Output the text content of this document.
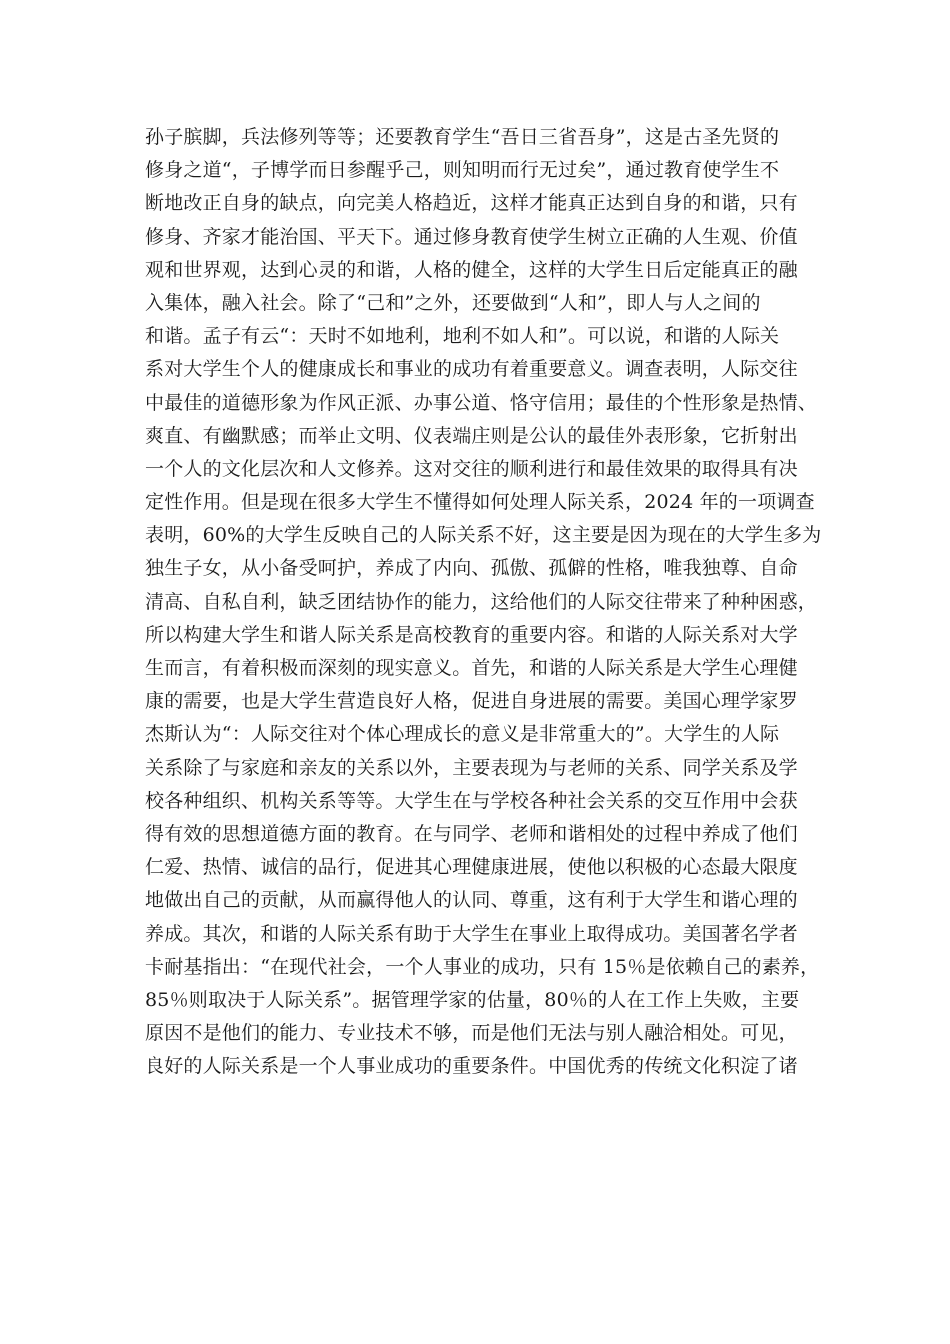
孙子膑脚，兵法修列等等；还要教育学生“吾日三省吾身”，这是古圣先贤的
修身之道“，子博学而日参醒乎己，则知明而行无过矣”，通过教育使学生不
断地改正自身的缺点，向完美人格趋近，这样才能真正达到自身的和谐，只有
修身、齐家才能治国、平天下。通过修身教育使学生树立正确的人生观、价值
观和世界观，达到心灵的和谐，人格的健全，这样的大学生日后定能真正的融
入集体，融入社会。除了“己和”之外，还要做到“人和”，即人与人之间的
和谐。孟子有云“：天时不如地利，地利不如人和”。可以说，和谐的人际关
系对大学生个人的健康成长和事业的成功有着重要意义。调查表明，人际交往
中最佳的道德形象为作风正派、办事公道、恪守信用；最佳的个性形象是热情、
爽直、有幽默感；而举止文明、仪表端庄则是公认的最佳外表形象，它折射出
一个人的文化层次和人文修养。这对交往的顺利进行和最佳效果的取得具有决
定性作用。但是现在很多大学生不懂得如何处理人际关系，2024 年的一项调查
表明，60%的大学生反映自己的人际关系不好，这主要是因为现在的大学生多为
独生子女，从小备受呵护，养成了内向、孤傲、孤僻的性格，唯我独尊、自命
清高、自私自利，缺乏团结协作的能力，这给他们的人际交往带来了种种困惑，
所以构建大学生和谐人际关系是高校教育的重要内容。和谐的人际关系对大学
生而言，有着积极而深刻的现实意义。首先，和谐的人际关系是大学生心理健
康的需要，也是大学生营造良好人格，促进自身进展的需要。美国心理学家罗
杰斯认为“：人际交往对个体心理成长的意义是非常重大的”。大学生的人际
关系除了与家庭和亲友的关系以外，主要表现为与老师的关系、同学关系及学
校各种组织、机构关系等等。大学生在与学校各种社会关系的交互作用中会获
得有效的思想道德方面的教育。在与同学、老师和谐相处的过程中养成了他们
仁爱、热情、诚信的品行，促进其心理健康进展，使他以积极的心态最大限度
地做出自己的贡献，从而赢得他人的认同、尊重，这有利于大学生和谐心理的
养成。其次，和谐的人际关系有助于大学生在事业上取得成功。美国著名学者
卡耐基指出：“在现代社会，一个人事业的成功，只有 15％是依赖自己的素养，
85％则取决于人际关系”。据管理学家的估量，80％的人在工作上失败，主要
原因不是他们的能力、专业技术不够，而是他们无法与别人融洽相处。可见，
良好的人际关系是一个人事业成功的重要条件。中国优秀的传统文化积淀了诸
